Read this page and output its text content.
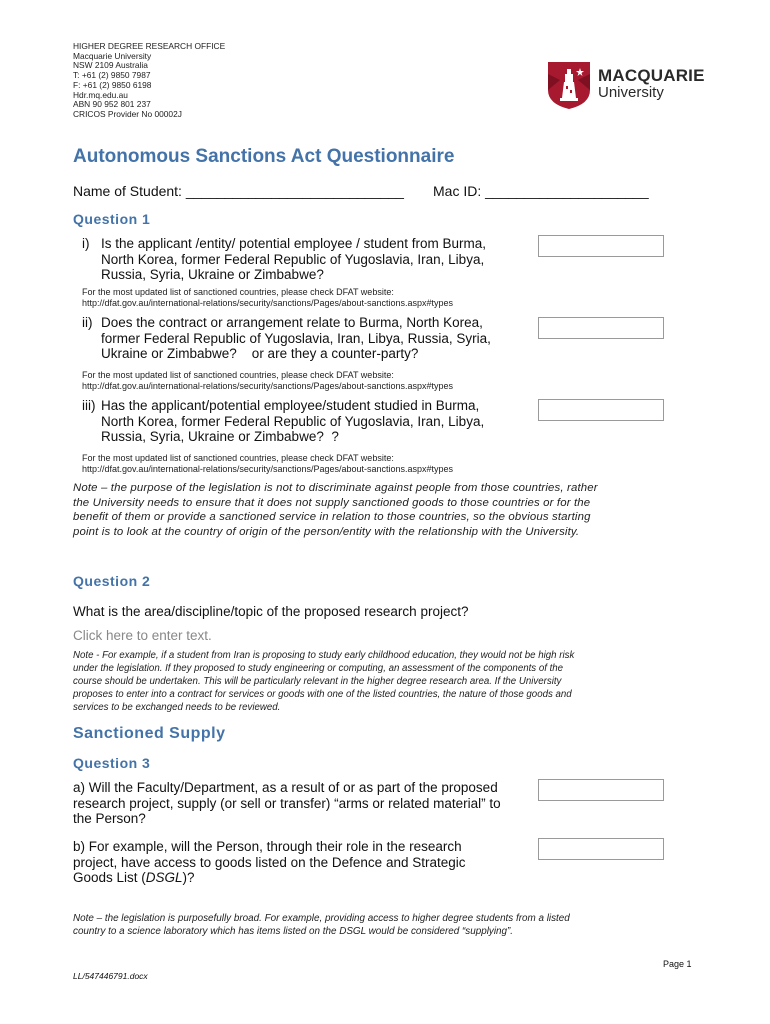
HIGHER DEGREE RESEARCH OFFICE
Macquarie University
NSW 2109 Australia
T: +61 (2) 9850 7987
F: +61 (2) 9850 6198
Hdr.mq.edu.au
ABN 90 952 801 237
CRICOS Provider No 00002J
MACQUARIE
University
Autonomous Sanctions Act Questionnaire
Name of Student: ____________________________ Mac ID: _____________________
Question 1
i) Is the applicant /entity/ potential employee / student from Burma,
North Korea, former Federal Republic of Yugoslavia, Iran, Libya,
Russia, Syria, Ukraine or Zimbabwe?
For the most updated list of sanctioned countries, please check DFAT website:
http://dfat.gov.au/international-relations/security/sanctions/Pages/about-sanctions.aspx#types
ii) Does the contract or arrangement relate to Burma, North Korea,
former Federal Republic of Yugoslavia, Iran, Libya, Russia, Syria,
Ukraine or Zimbabwe?    or are they a counter-party?
For the most updated list of sanctioned countries, please check DFAT website:
http://dfat.gov.au/international-relations/security/sanctions/Pages/about-sanctions.aspx#types
iii) Has the applicant/potential employee/student studied in Burma,
North Korea, former Federal Republic of Yugoslavia, Iran, Libya,
Russia, Syria, Ukraine or Zimbabwe?  ?
For the most updated list of sanctioned countries, please check DFAT website:
http://dfat.gov.au/international-relations/security/sanctions/Pages/about-sanctions.aspx#types
Note – the purpose of the legislation is not to discriminate against people from those countries, rather
the University needs to ensure that it does not supply sanctioned goods to those countries or for the
benefit of them or provide a sanctioned service in relation to those countries, so the obvious starting
point is to look at the country of origin of the person/entity with the relationship with the University.
Question 2
What is the area/discipline/topic of the proposed research project?
Click here to enter text.
Note - For example, if a student from Iran is proposing to study early childhood education, they would not be high risk
under the legislation. If they proposed to study engineering or computing, an assessment of the components of the
course should be undertaken. This will be particularly relevant in the higher degree research area. If the University
proposes to enter into a contract for services or goods with one of the listed countries, the nature of those goods and
services to be exchanged needs to be reviewed.
Sanctioned Supply
Question 3
a) Will the Faculty/Department, as a result of or as part of the proposed
research project, supply (or sell or transfer) “arms or related material” to
the Person?
b) For example, will the Person, through their role in the research
project, have access to goods listed on the Defence and Strategic
Goods List (DSGL)?
Note – the legislation is purposefully broad. For example, providing access to higher degree students from a listed
country to a science laboratory which has items listed on the DSGL would be considered “supplying”.
Page 1
LL/547446791.docx
